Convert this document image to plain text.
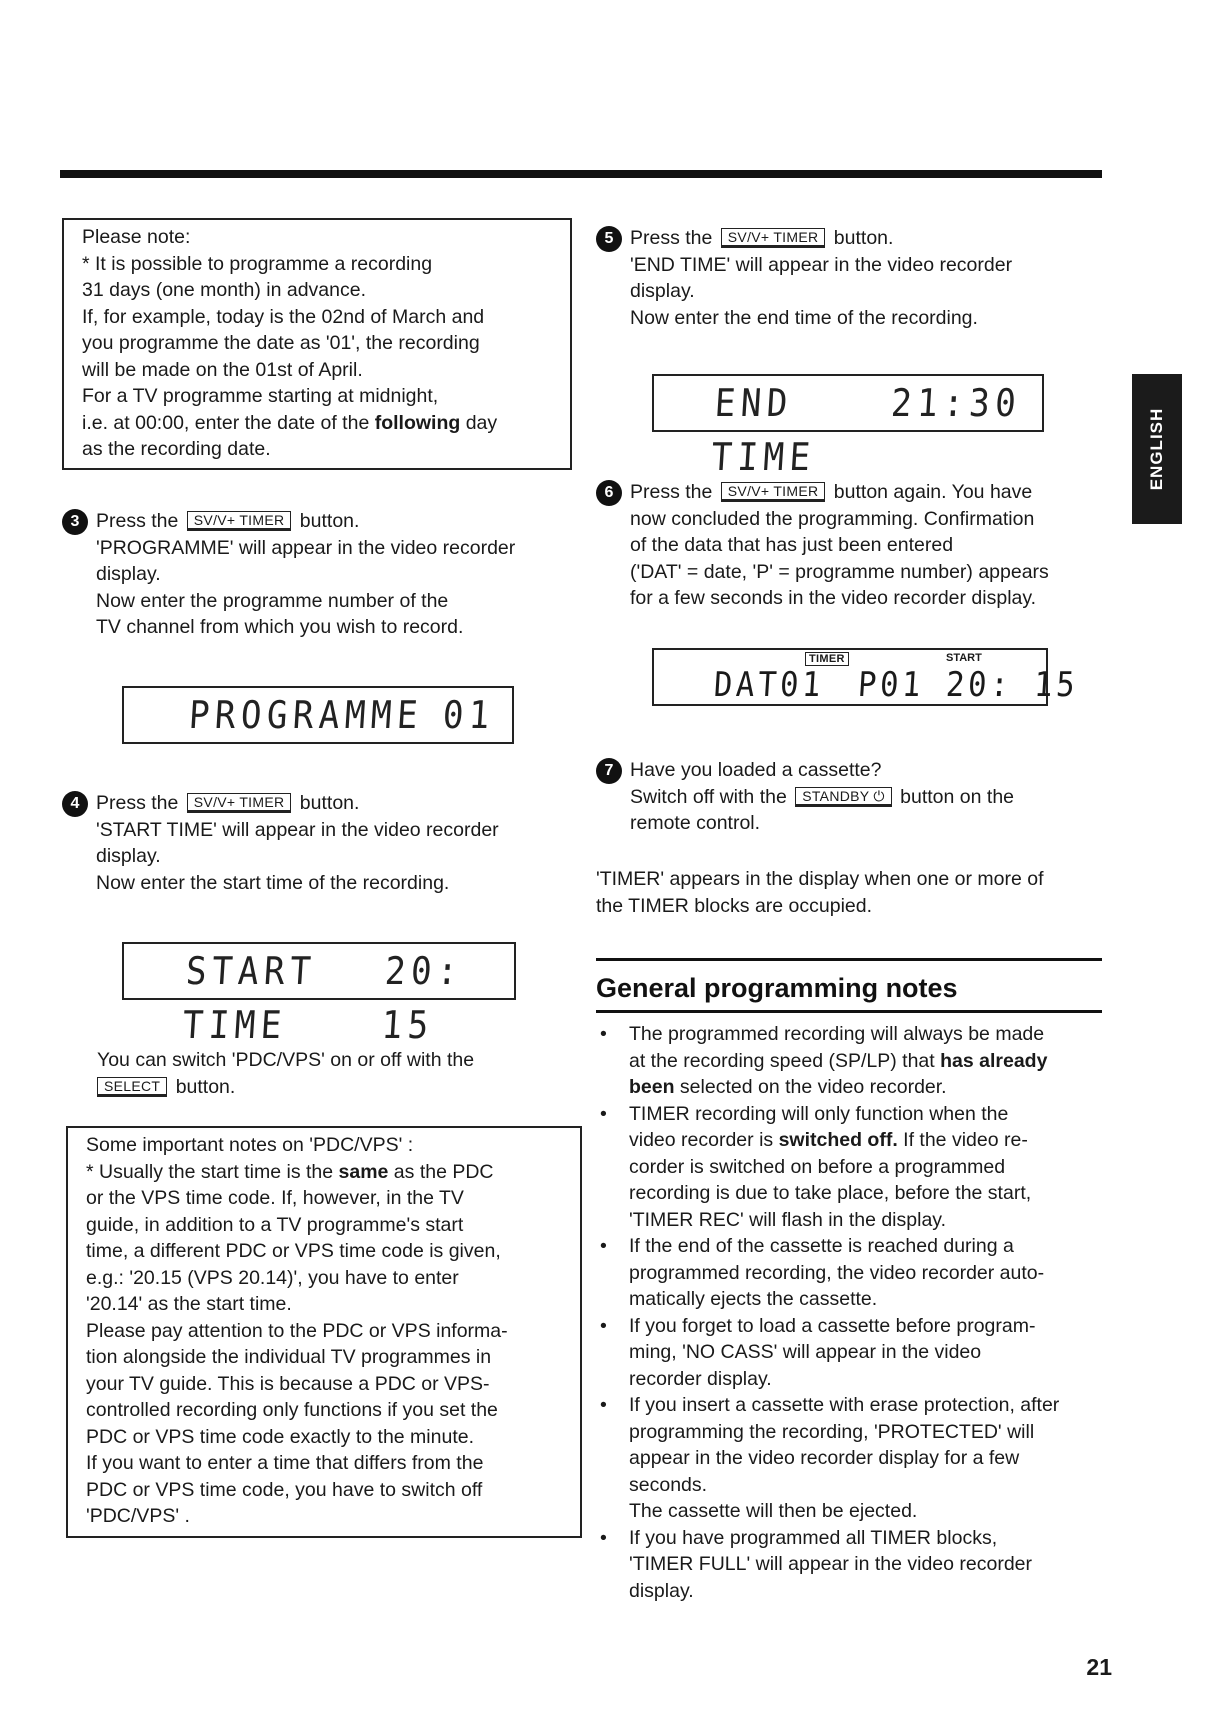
ENGLISH

Please note:

* It is possible to programme a recording

31 days (one month) in advance.

If, for example, today is the 02nd of March and

you programme the date as '01', the recording

will be made on the 01st of April.

For a TV programme starting at midnight,

i.e. at 00:00, enter the date of the following day

as the recording date.

3 Press the SV/V+ TIMER button.

'PROGRAMME' will appear in the video recorder

display.

Now enter the programme number of the

TV channel from which you wish to record.

PROGRAMME 01
4 Press the SV/V+ TIMER button.

'START TIME' will appear in the video recorder

display.

Now enter the start time of the recording.

START TIME
20: 15

You can switch 'PDC/VPS' on or off with the

SELECT button.

Some important notes on 'PDC/VPS' :

* Usually the start time is the same as the PDC

or the VPS time code. If, however, in the TV

guide, in addition to a TV programme's start

time, a different PDC or VPS time code is given,

e.g.: '20.15 (VPS 20.14)', you have to enter

'20.14' as the start time.

Please pay attention to the PDC or VPS informa-

tion alongside the individual TV programmes in

your TV guide. This is because a PDC or VPS-

controlled recording only functions if you set the

PDC or VPS time code exactly to the minute.

If you want to enter a time that differs from the

PDC or VPS time code, you have to switch off

'PDC/VPS' .

5 Press the SV/V+ TIMER button.

'END TIME' will appear in the video recorder

display.

Now enter the end time of the recording.

END TIME
21:30
6 Press the SV/V+ TIMER button again. You have

now concluded the programming. Confirmation

of the data that has just been entered

('DAT' = date, 'P' = programme number) appears

for a few seconds in the video recorder display.

TIMER	START
DAT01 P01 20: 15
7 Have you loaded a cassette?

Switch off with the STANDBY ⏻ button on the

remote control.

'TIMER' appears in the display when one or more of

the TIMER blocks are occupied.

General programming notes
• The programmed recording will always be made
at the recording speed (SP/LP) that has already
been selected on the video recorder.
• TIMER recording will only function when the
video recorder is switched off. If the video re-
corder is switched on before a programmed
recording is due to take place, before the start,
'TIMER REC' will flash in the display.
• If the end of the cassette is reached during a
programmed recording, the video recorder auto-
matically ejects the cassette.
• If you forget to load a cassette before program-
ming, 'NO CASS' will appear in the video
recorder display.
• If you insert a cassette with erase protection, after
programming the recording, 'PROTECTED' will
appear in the video recorder display for a few
seconds.
The cassette will then be ejected.
• If you have programmed all TIMER blocks,
'TIMER FULL' will appear in the video recorder
display.
21
